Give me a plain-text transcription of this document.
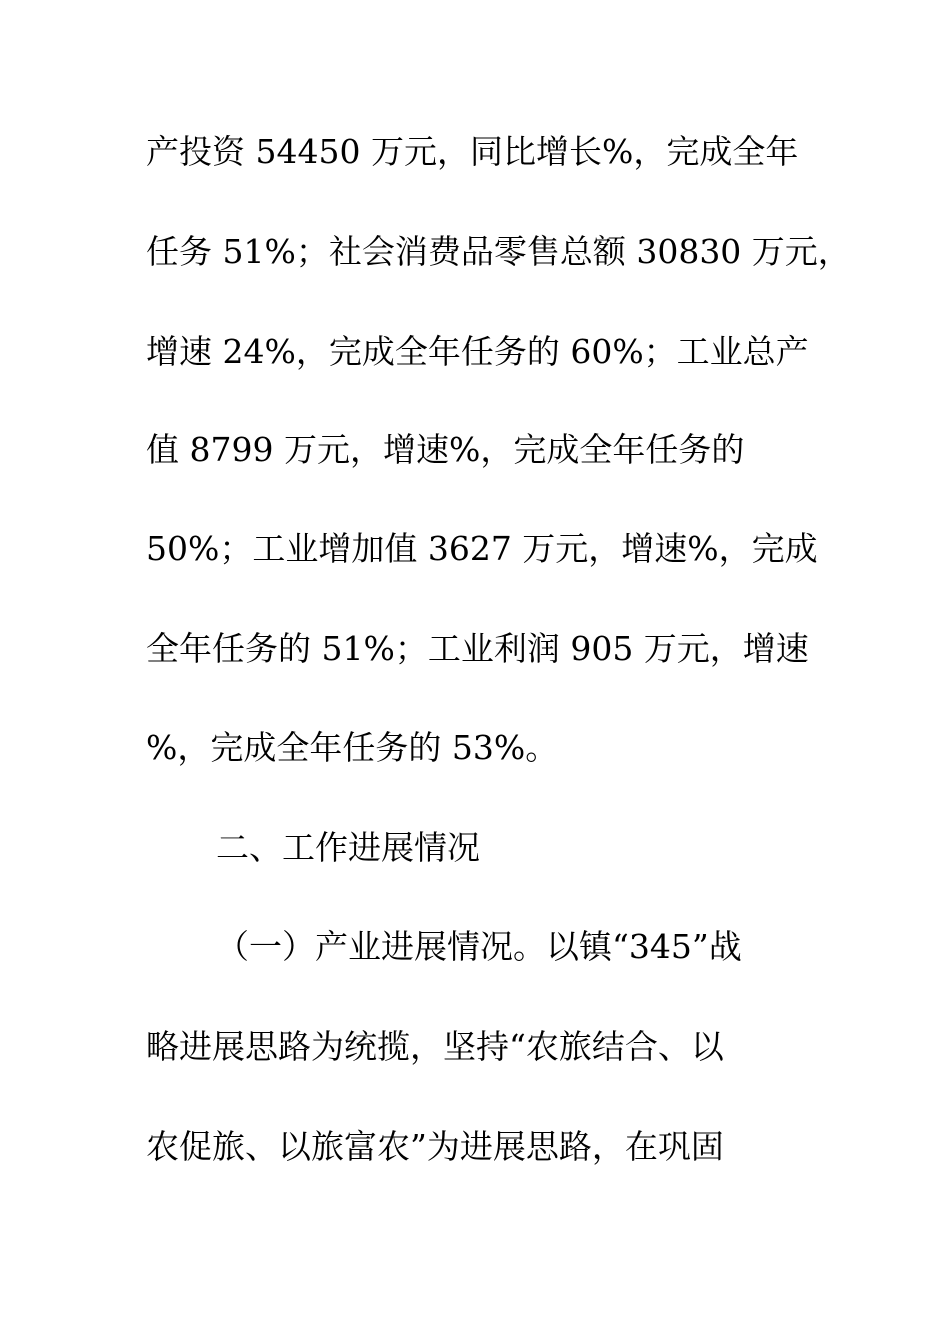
产投资 54450 万元，同比增长%，完成全年
任务 51%；社会消费品零售总额 30830 万元，
增速 24%，完成全年任务的 60%；工业总产
值 8799 万元，增速%，完成全年任务的
50%；工业增加值 3627 万元，增速%，完成
全年任务的 51%；工业利润 905 万元，增速
%，完成全年任务的 53%。
二、工作进展情况
（一）产业进展情况。以镇“345”战
略进展思路为统揽，坚持“农旅结合、以
农促旅、以旅富农”为进展思路，在巩固
